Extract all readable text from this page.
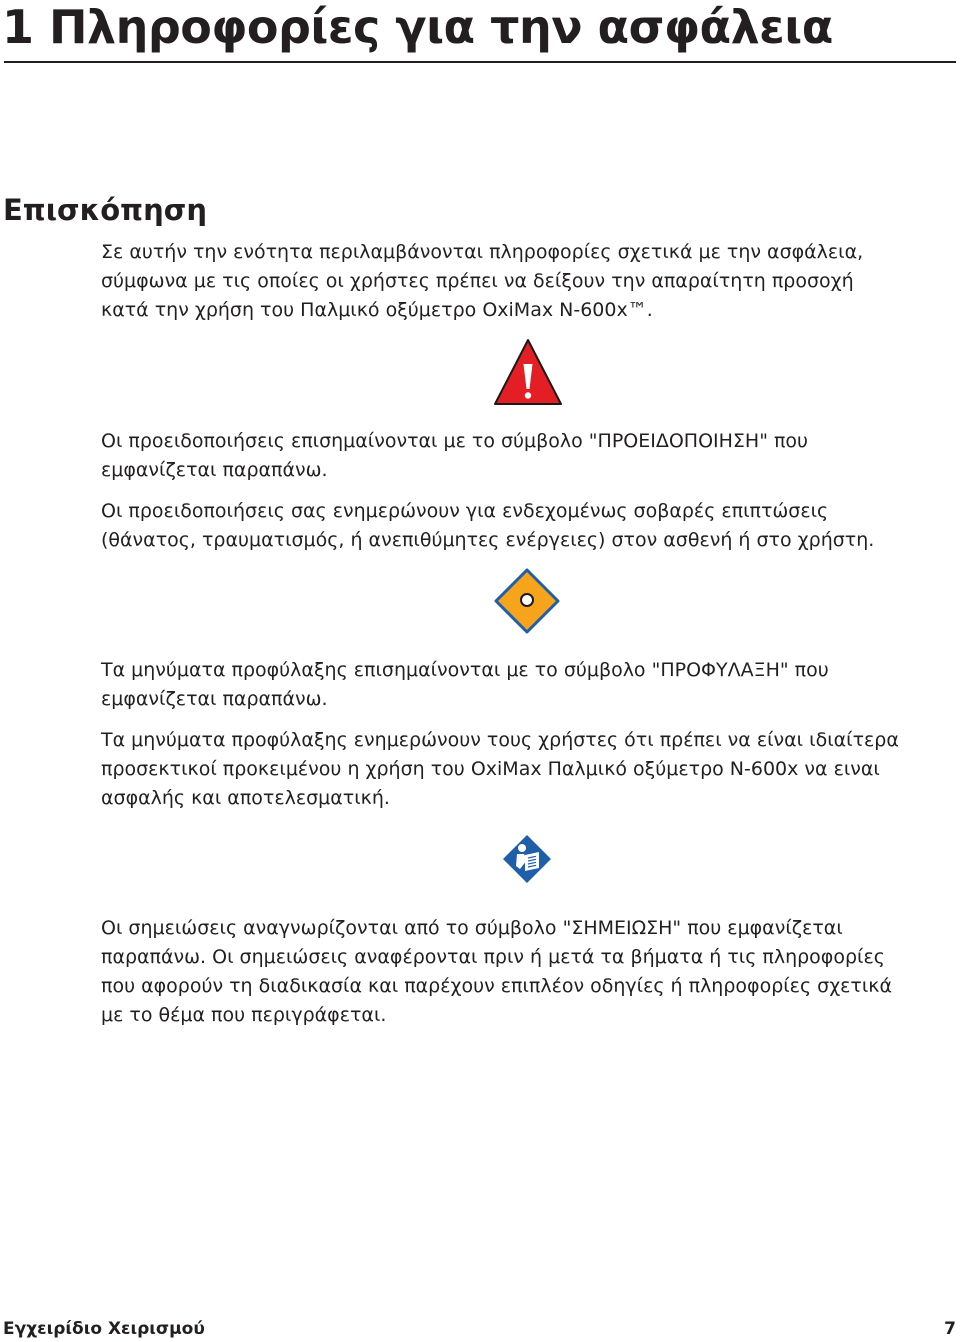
1 Πληροφορίες για την ασφάλεια
Επισκόπηση

Σε αυτήν την ενότητα περιλαμβάνονται πληροφορίες σχετικά με την ασφάλεια,
σύμφωνα με τις οποίες οι χρήστες πρέπει να δείξουν την απαραίτητη προσοχή
κατά την χρήση του Παλμικό οξύμετρο OxiMax N-600x™.

Οι προειδοποιήσεις επισημαίνονται με το σύμβολο "ΠΡΟΕΙΔΟΠΟΙΗΣΗ" που
εμφανίζεται παραπάνω.

Οι προειδοποιήσεις σας ενημερώνουν για ενδεχομένως σοβαρές επιπτώσεις
(θάνατος, τραυματισμός, ή ανεπιθύμητες ενέργειες) στον ασθενή ή στο χρήστη.

Τα μηνύματα προφύλαξης επισημαίνονται με το σύμβολο "ΠΡΟΦΥΛΑΞΗ" που
εμφανίζεται παραπάνω.

Τα μηνύματα προφύλαξης ενημερώνουν τους χρήστες ότι πρέπει να είναι ιδιαίτερα
προσεκτικοί προκειμένου η χρήση του OxiMax Παλμικό οξύμετρο N-600x να ειναι
ασφαλής και αποτελεσματική.

Οι σημειώσεις αναγνωρίζονται από το σύμβολο "ΣΗΜΕΙΩΣΗ" που εμφανίζεται
παραπάνω. Οι σημειώσεις αναφέρονται πριν ή μετά τα βήματα ή τις πληροφορίες
που αφορούν τη διαδικασία και παρέχουν επιπλέον οδηγίες ή πληροφορίες σχετικά
με το θέμα που περιγράφεται.

Εγχειρίδιο Χειρισμού	7
